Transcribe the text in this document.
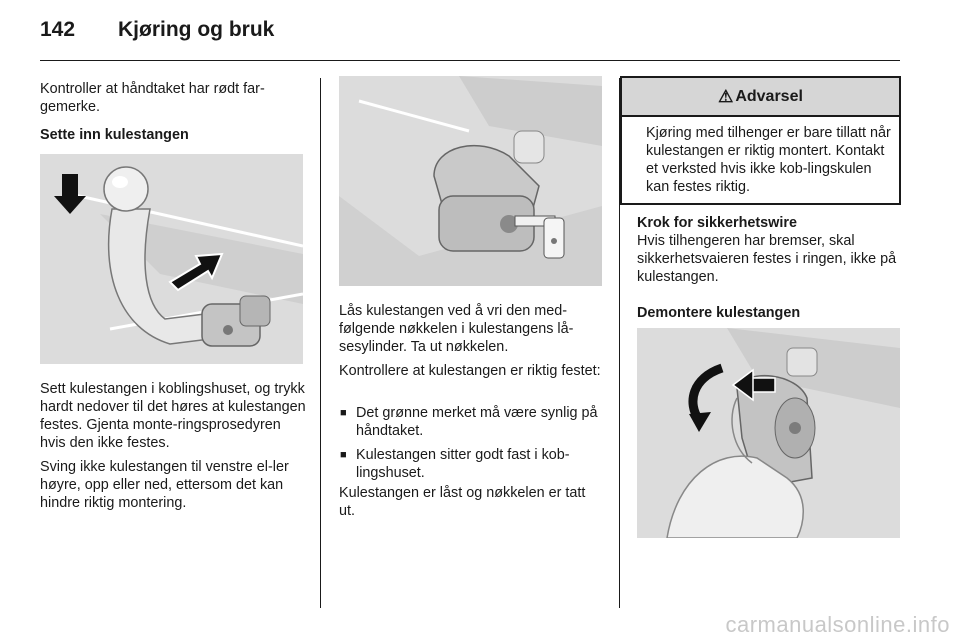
142	Kjøring og bruk
Kontroller at håndtaket har rødt far-gemerke.
Sette inn kulestangen
Sett kulestangen i koblingshuset, og trykk hardt nedover til det høres at kulestangen festes. Gjenta monte-ringsprosedyren hvis den ikke festes.
Sving ikke kulestangen til venstre el-ler høyre, opp eller ned, ettersom det kan hindre riktig montering.
Lås kulestangen ved å vri den med-følgende nøkkelen i kulestangens lå-sesylinder. Ta ut nøkkelen.
Kontrollere at kulestangen er riktig festet:
■ Det grønne merket må være synlig på håndtaket.
■ Kulestangen sitter godt fast i kob-lingshuset.
Kulestangen er låst og nøkkelen er tatt ut.
⚠ Advarsel
Kjøring med tilhenger er bare tillatt når kulestangen er riktig montert. Kontakt et verksted hvis ikke kob-lingskulen kan festes riktig.
Krok for sikkerhetswire
Hvis tilhengeren har bremser, skal sikkerhetsvaieren festes i ringen, ikke på kulestangen.
Demontere kulestangen
carmanualsonline.info
